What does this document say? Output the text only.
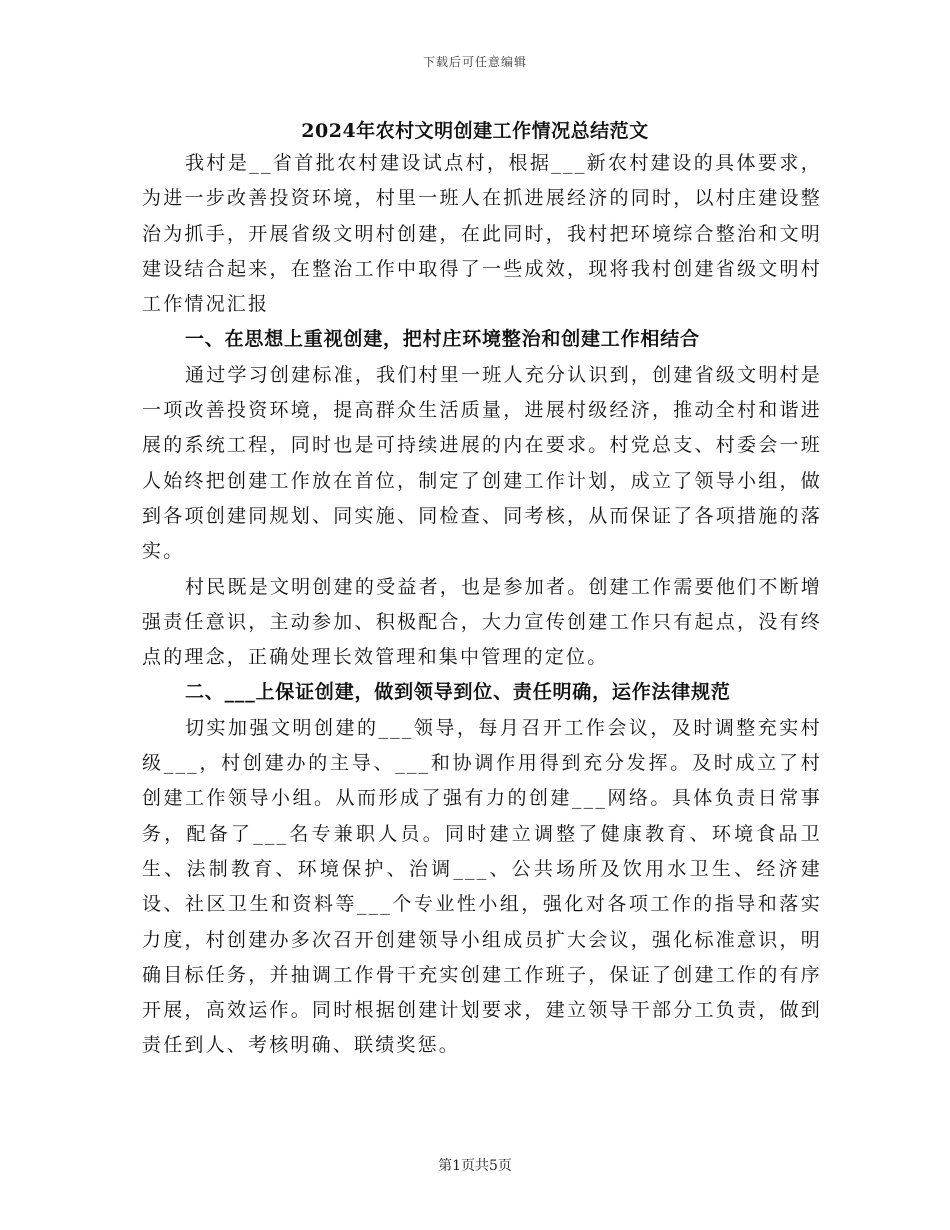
下载后可任意编辑
2024年农村文明创建工作情况总结范文

我村是__省首批农村建设试点村，根据___新农村建设的具体要求，为进一步改善投资环境，村里一班人在抓进展经济的同时，以村庄建设整治为抓手，开展省级文明村创建，在此同时，我村把环境综合整治和文明建设结合起来，在整治工作中取得了一些成效，现将我村创建省级文明村工作情况汇报

一、在思想上重视创建，把村庄环境整治和创建工作相结合

通过学习创建标准，我们村里一班人充分认识到，创建省级文明村是一项改善投资环境，提高群众生活质量，进展村级经济，推动全村和谐进展的系统工程，同时也是可持续进展的内在要求。村党总支、村委会一班人始终把创建工作放在首位，制定了创建工作计划，成立了领导小组，做到各项创建同规划、同实施、同检查、同考核，从而保证了各项措施的落实。

村民既是文明创建的受益者，也是参加者。创建工作需要他们不断增强责任意识，主动参加、积极配合，大力宣传创建工作只有起点，没有终点的理念，正确处理长效管理和集中管理的定位。

二、___上保证创建，做到领导到位、责任明确，运作法律规范

切实加强文明创建的___领导，每月召开工作会议，及时调整充实村级___，村创建办的主导、___和协调作用得到充分发挥。及时成立了村创建工作领导小组。从而形成了强有力的创建___网络。具体负责日常事务，配备了___名专兼职人员。同时建立调整了健康教育、环境食品卫生、法制教育、环境保护、治调___、公共场所及饮用水卫生、经济建设、社区卫生和资料等___个专业性小组，强化对各项工作的指导和落实力度，村创建办多次召开创建领导小组成员扩大会议，强化标准意识，明确目标任务，并抽调工作骨干充实创建工作班子，保证了创建工作的有序开展，高效运作。同时根据创建计划要求，建立领导干部分工负责，做到责任到人、考核明确、联绩奖惩。

第1页共5页
